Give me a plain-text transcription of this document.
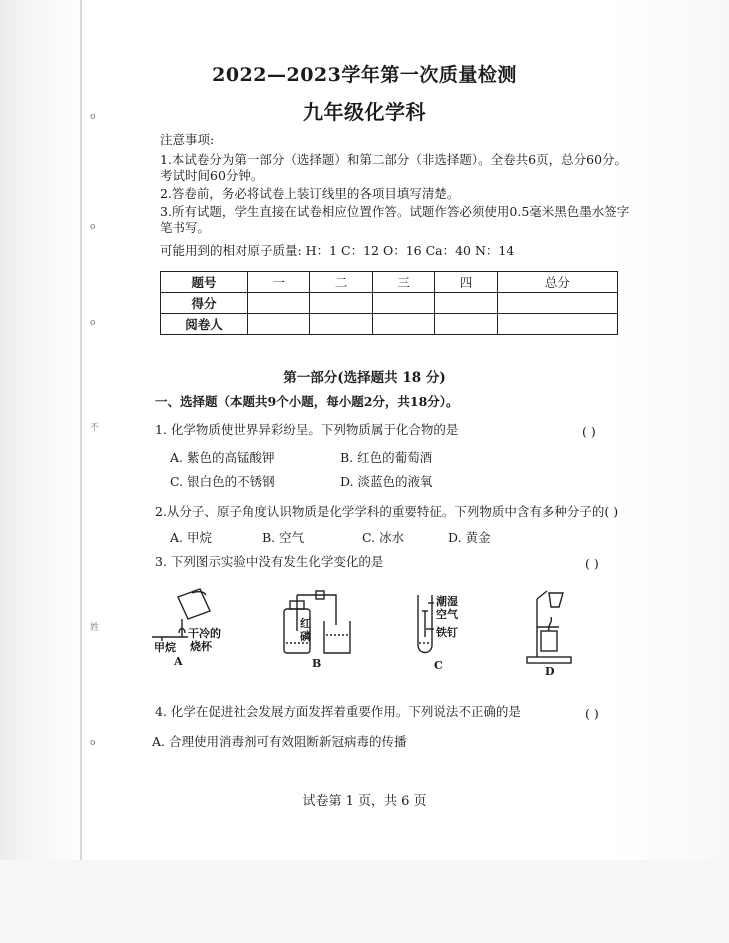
o
o
不
o
姓
o
2022—2023学年第一次质量检测
九年级化学科
注意事项:
1.本试卷分为第一部分（选择题）和第二部分（非选择题）。全卷共6页，总分60分。
考试时间60分钟。
2.答卷前，务必将试卷上装订线里的各项目填写清楚。
3.所有试题，学生直接在试卷相应位置作答。试题作答必须使用0.5毫米黑色墨水签字
笔书写。
可能用到的相对原子质量: H：1 C：12 O：16 Ca：40 N：14
题号	一	二	三	四	总分
得分					
阅卷人					
第一部分(选择题共 18 分)
一、选择题（本题共9个小题，每小题2分，共18分）。
1. 化学物质使世界异彩纷呈。下列物质属于化合物的是	( )
A. 紫色的高锰酸钾	B. 红色的葡萄酒
C. 银白色的不锈钢	D. 淡蓝色的液氧
2.从分子、原子角度认识物质是化学学科的重要特征。下列物质中含有多种分子的( )
A. 甲烷	B. 空气	C. 冰水	D. 黄金
3. 下列图示实验中没有发生化学变化的是	( )
干冷的
烧杯
甲烷
A
红
磷
B
潮湿
空气
铁钉
C	D
4. 化学在促进社会发展方面发挥着重要作用。下列说法不正确的是	( )
A. 合理使用消毒剂可有效阻断新冠病毒的传播
试卷第 1 页，共 6 页
